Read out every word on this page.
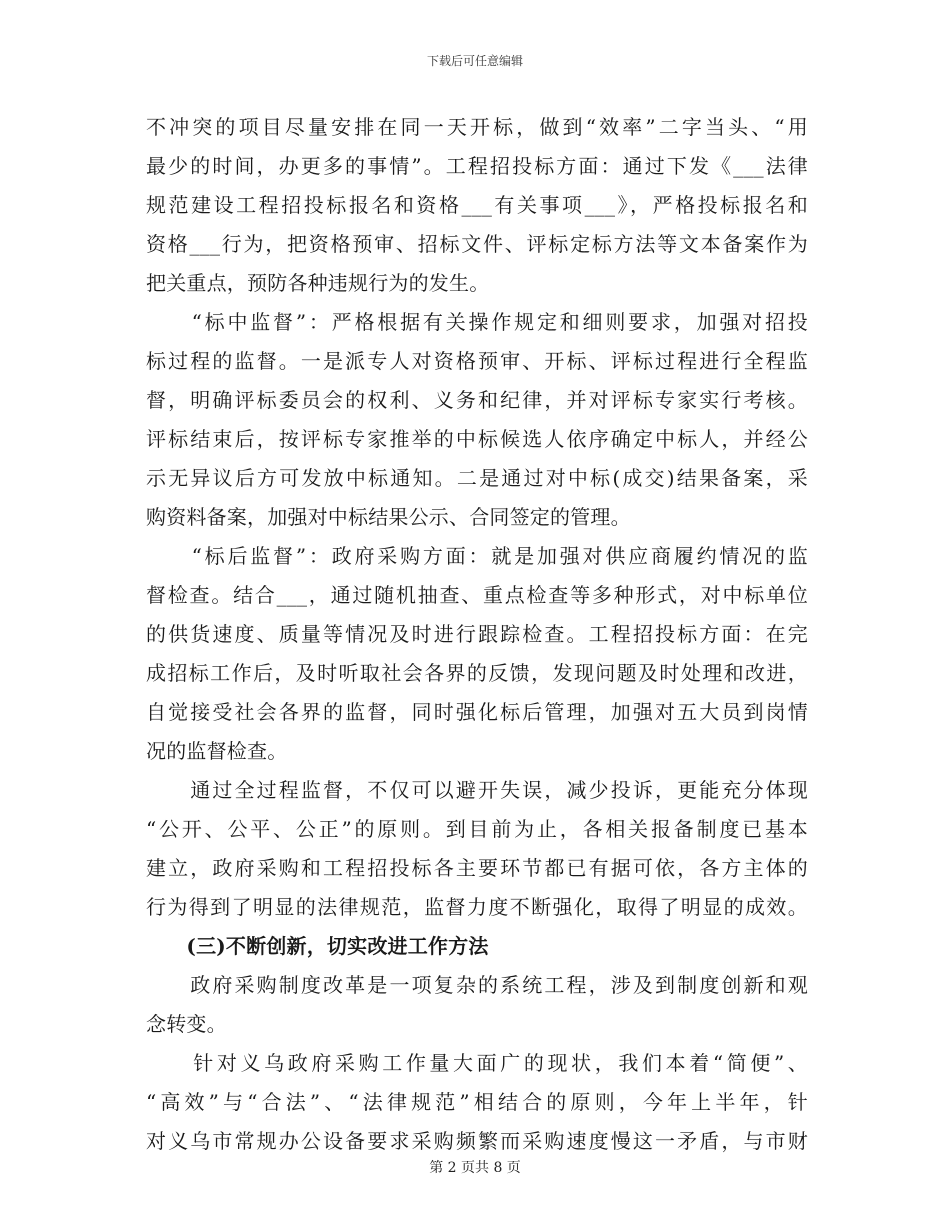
下载后可任意编辑
不冲突的项目尽量安排在同一天开标，做到“效率”二字当头、“用
最少的时间，办更多的事情”。工程招投标方面：通过下发《___法律
规范建设工程招投标报名和资格___有关事项___》，严格投标报名和
资格___行为，把资格预审、招标文件、评标定标方法等文本备案作为
把关重点，预防各种违规行为的发生。
　　“标中监督”：严格根据有关操作规定和细则要求，加强对招投
标过程的监督。一是派专人对资格预审、开标、评标过程进行全程监
督，明确评标委员会的权利、义务和纪律，并对评标专家实行考核。
评标结束后，按评标专家推举的中标候选人依序确定中标人，并经公
示无异议后方可发放中标通知。二是通过对中标(成交)结果备案，采
购资料备案，加强对中标结果公示、合同签定的管理。
　　“标后监督”：政府采购方面：就是加强对供应商履约情况的监
督检查。结合___，通过随机抽查、重点检查等多种形式，对中标单位
的供货速度、质量等情况及时进行跟踪检查。工程招投标方面：在完
成招标工作后，及时听取社会各界的反馈，发现问题及时处理和改进，
自觉接受社会各界的监督，同时强化标后管理，加强对五大员到岗情
况的监督检查。
　　通过全过程监督，不仅可以避开失误，减少投诉，更能充分体现
“公开、公平、公正”的原则。到目前为止，各相关报备制度已基本
建立，政府采购和工程招投标各主要环节都已有据可依，各方主体的
行为得到了明显的法律规范，监督力度不断强化，取得了明显的成效。
　　(三)不断创新，切实改进工作方法
　　政府采购制度改革是一项复杂的系统工程，涉及到制度创新和观
念转变。
　　针对义乌政府采购工作量大面广的现状，我们本着“简便”、
“高效”与“合法”、“法律规范”相结合的原则，今年上半年，针
对义乌市常规办公设备要求采购频繁而采购速度慢这一矛盾，与市财
第 2 页共 8 页
